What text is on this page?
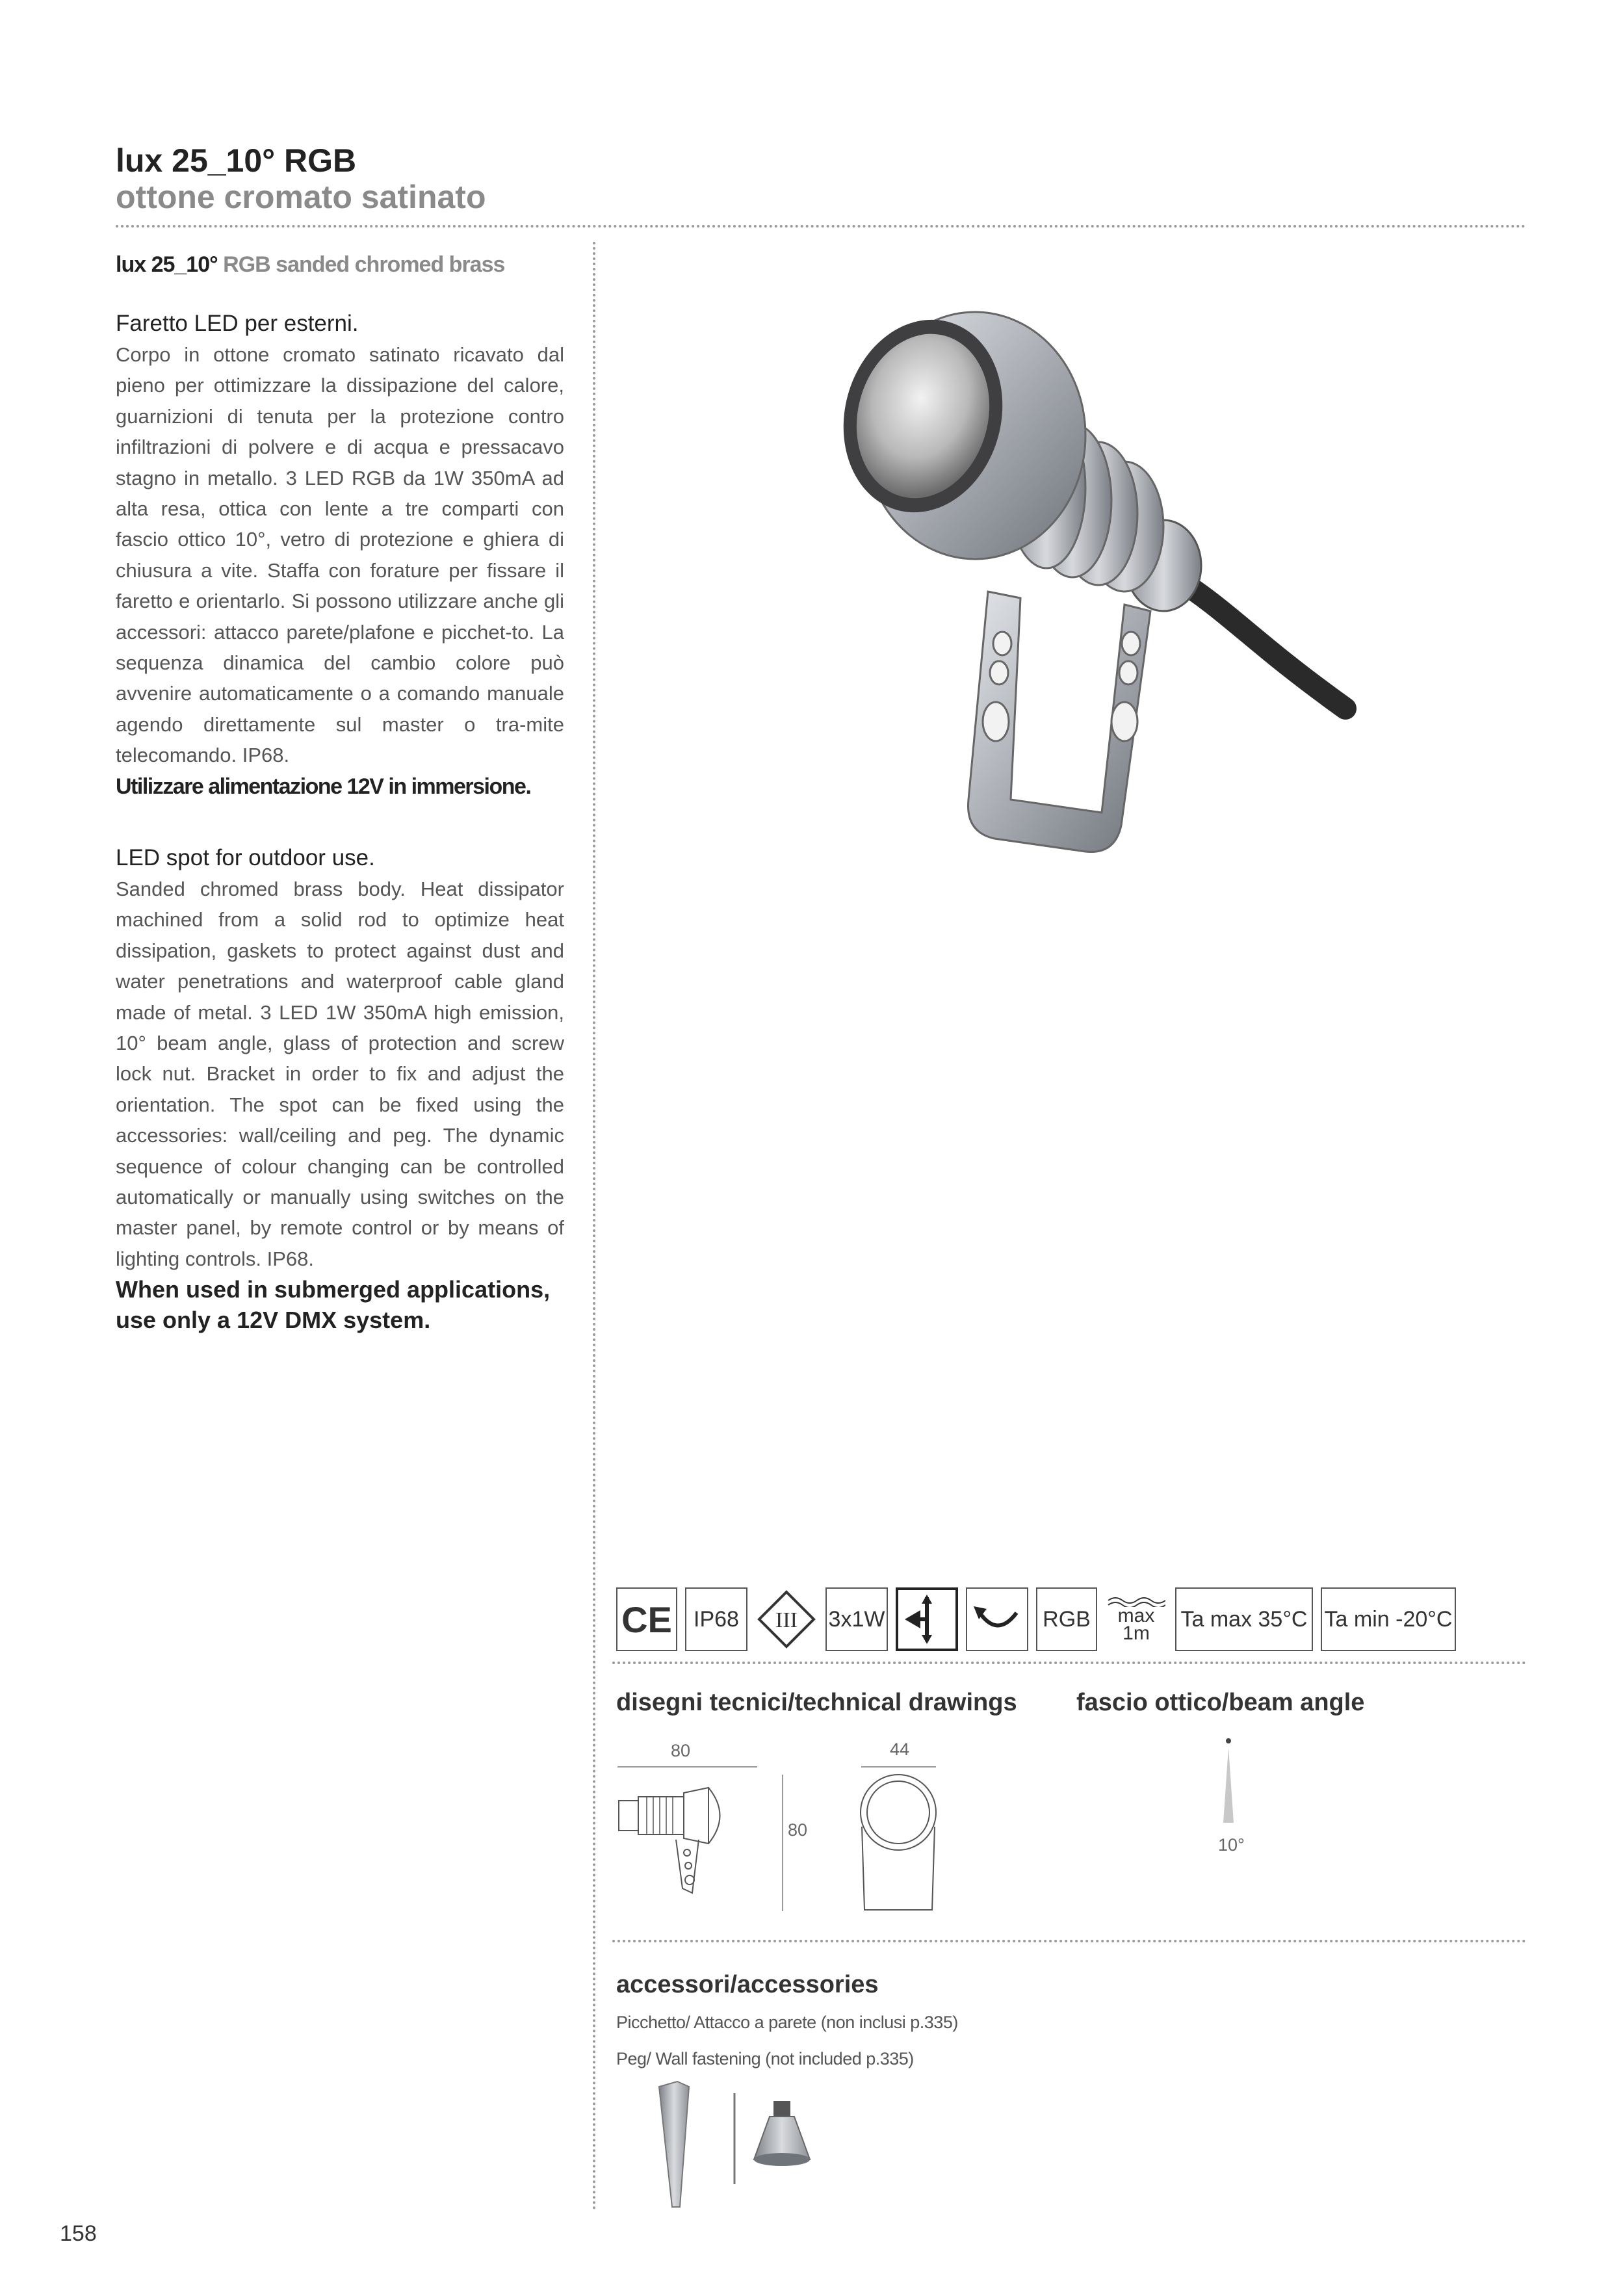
lux 25_10° RGB
ottone cromato satinato
lux 25_10° RGB sanded chromed brass

Faretto LED per esterni.

Corpo in ottone cromato satinato ricavato dal pieno per ottimizzare la dissipazione del calore, guarnizioni di tenuta per la protezione contro infiltrazioni di polvere e di acqua e pressacavo stagno in metallo. 3 LED RGB da 1W 350mA ad alta resa, ottica con lente a tre comparti con fascio ottico 10°, vetro di protezione e ghiera di chiusura a vite. Staffa con forature per fissare il faretto e orientarlo. Si possono utilizzare anche gli accessori: attacco parete/plafone e picchet-to. La sequenza dinamica del cambio colore può avvenire automaticamente o a comando manuale agendo direttamente sul master o tra-mite telecomando. IP68.

Utilizzare alimentazione 12V in immersione.

LED spot for outdoor use.

Sanded chromed brass body. Heat dissipator machined from a solid rod to optimize heat dissipation, gaskets to protect against dust and water penetrations and waterproof cable gland made of metal. 3 LED 1W 350mA high emission, 10° beam angle, glass of protection and screw lock nut. Bracket in order to fix and adjust the orientation. The spot can be fixed using the accessories: wall/ceiling and peg. The dynamic sequence of colour changing can be controlled automatically or manually using switches on the master panel, by remote control or by means of lighting controls. IP68.

When used in submerged applications,

use only a 12V DMX system.

CE IP68 III 3x1W	RGB max
1m
Ta max 35°C Ta min -20°C

disegni tecnici/technical drawings fascio ottico/beam angle

80
80
44
10°

accessori/accessories

Picchetto/ Attacco a parete (non inclusi p.335)
Peg/ Wall fastening (not included p.335)
158
